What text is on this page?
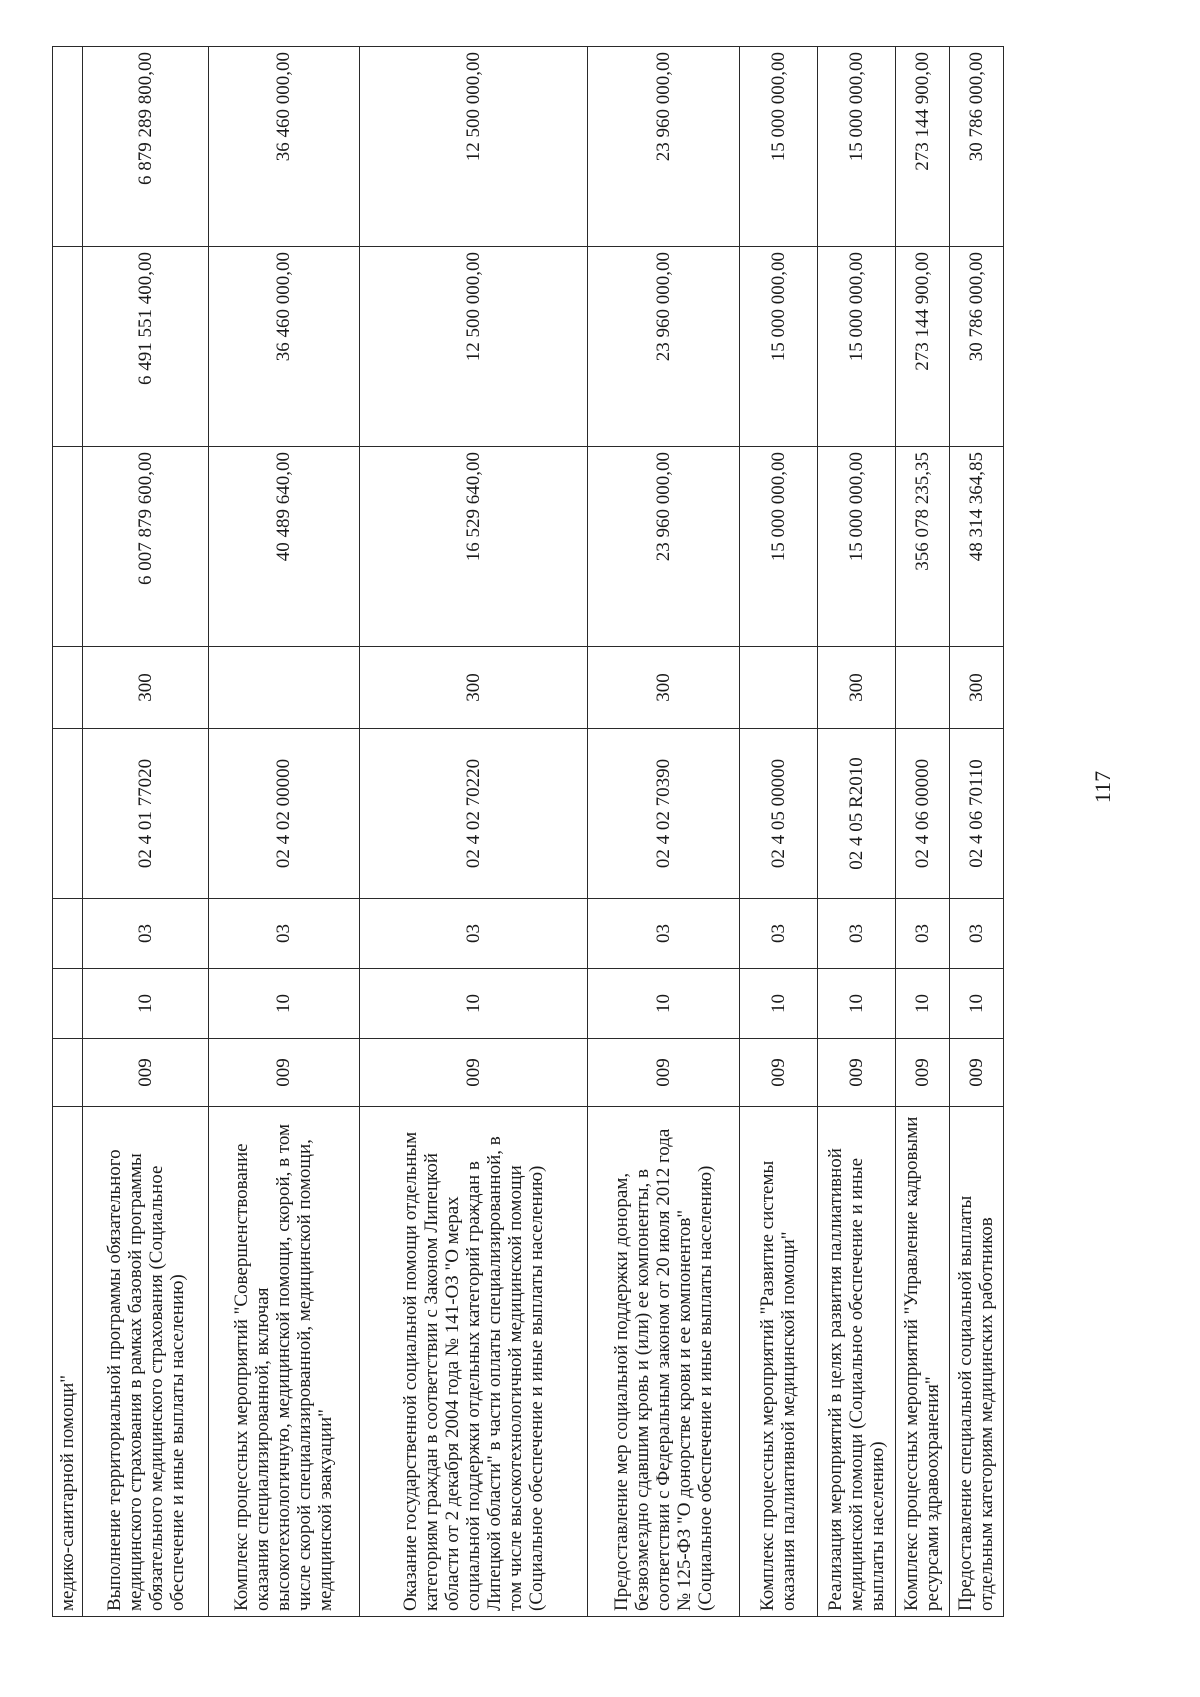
117
медико-санитарной помощи"								
Выполнение территориальной программы обязательного медицинского страхования в рамках базовой программы обязательного медицинского страхования (Социальное обеспечение и иные выплаты населению)	009	10	03	02 4 01 77020	300	6 007 879 600,00	6 491 551 400,00	6 879 289 800,00
Комплекс процессных мероприятий "Совершенствование оказания специализированной, включая высокотехнологичную, медицинской помощи, скорой, в том числе скорой специализированной, медицинской помощи, медицинской эвакуации"	009	10	03	02 4 02 00000		40 489 640,00	36 460 000,00	36 460 000,00
Оказание государственной социальной помощи отдельным категориям граждан в соответствии с Законом Липецкой области от 2 декабря 2004 года № 141-ОЗ "О мерах социальной поддержки отдельных категорий граждан в Липецкой области" в части оплаты специализированной, в том числе высокотехнологичной медицинской помощи (Социальное обеспечение и иные выплаты населению)	009	10	03	02 4 02 70220	300	16 529 640,00	12 500 000,00	12 500 000,00
Предоставление мер социальной поддержки донорам, безвозмездно сдавшим кровь и (или) ее компоненты, в соответствии с Федеральным законом от 20 июля 2012 года № 125-ФЗ "О донорстве крови и ее компонентов" (Социальное обеспечение и иные выплаты населению)	009	10	03	02 4 02 70390	300	23 960 000,00	23 960 000,00	23 960 000,00
Комплекс процессных мероприятий "Развитие системы оказания паллиативной медицинской помощи"	009	10	03	02 4 05 00000		15 000 000,00	15 000 000,00	15 000 000,00
Реализация мероприятий в целях развития паллиативной медицинской помощи (Социальное обеспечение и иные выплаты населению)	009	10	03	02 4 05 R2010	300	15 000 000,00	15 000 000,00	15 000 000,00
Комплекс процессных мероприятий "Управление кадровыми ресурсами здравоохранения"	009	10	03	02 4 06 00000		356 078 235,35	273 144 900,00	273 144 900,00
Предоставление специальной социальной выплаты отдельным категориям медицинских работников	009	10	03	02 4 06 70110	300	48 314 364,85	30 786 000,00	30 786 000,00
